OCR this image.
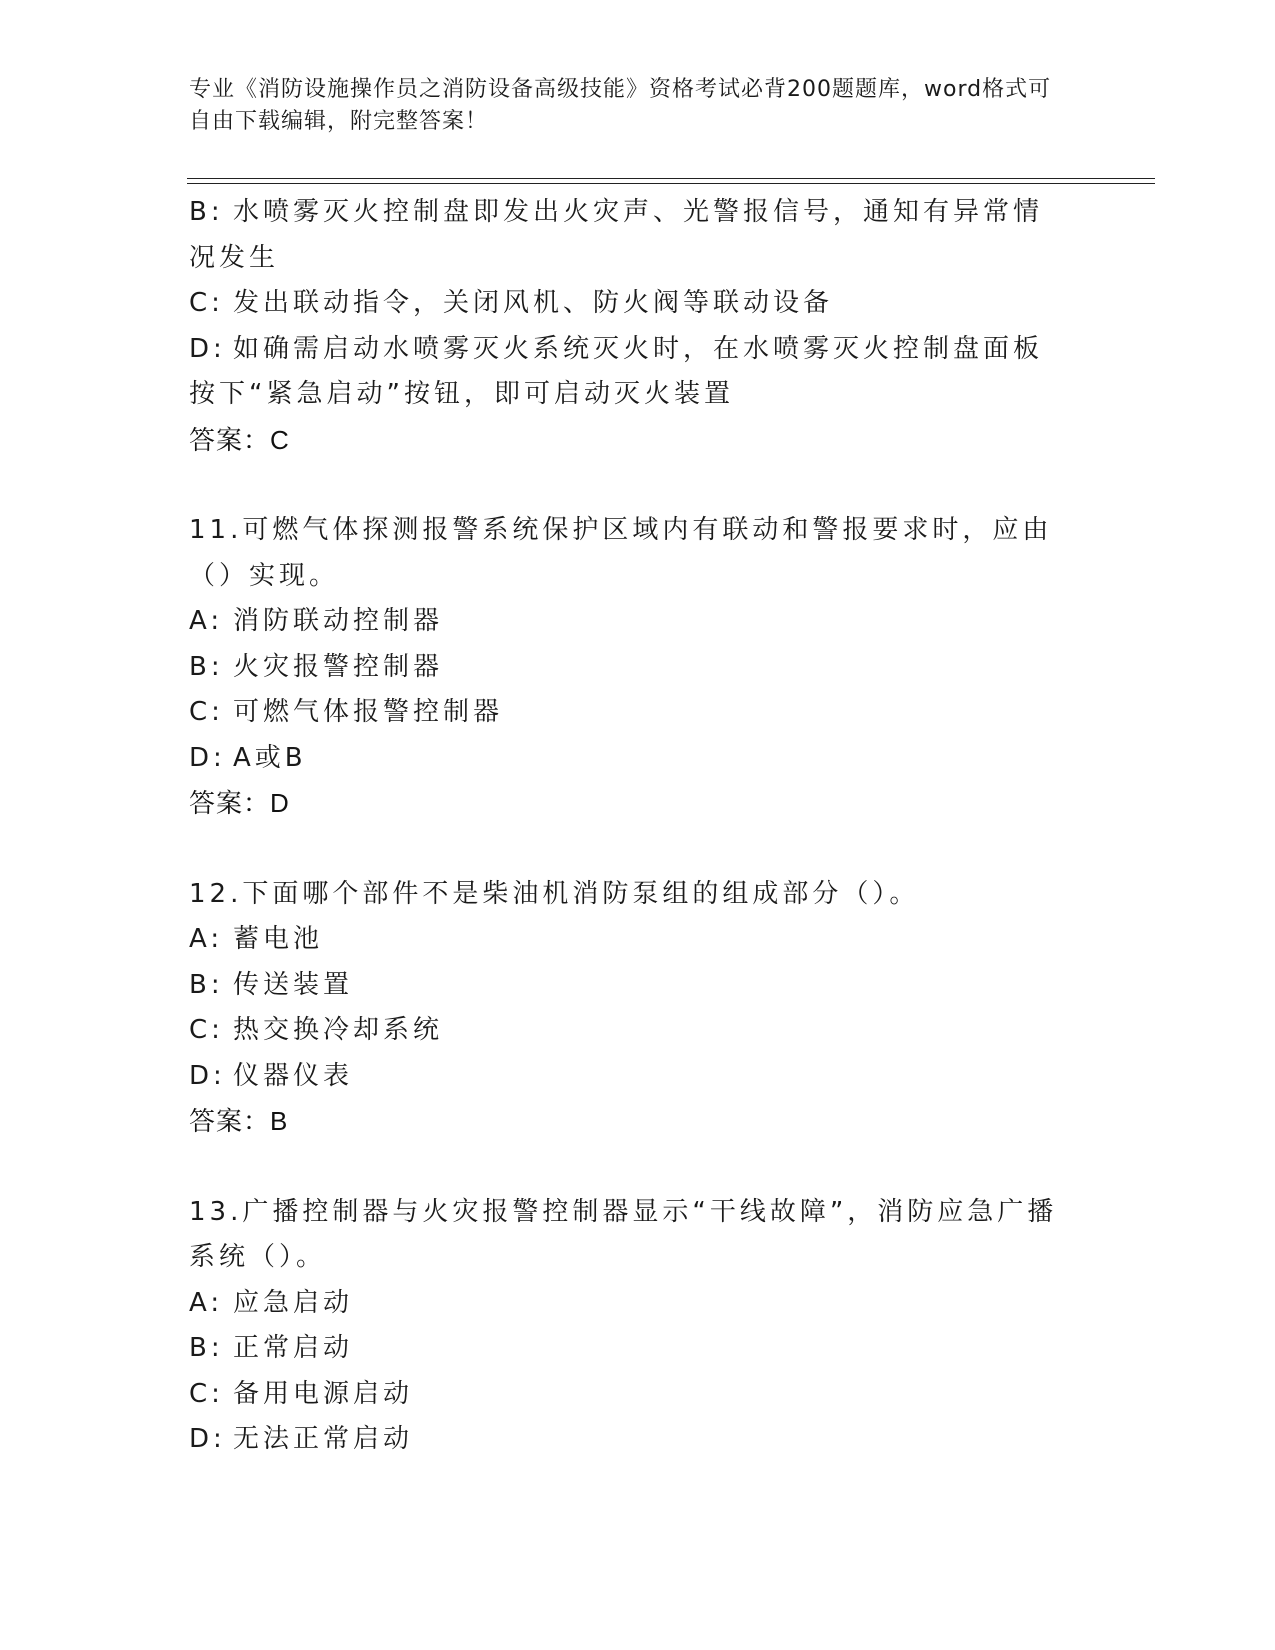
专业《消防设施操作员之消防设备高级技能》资格考试必背200题题库，word格式可自由下载编辑，附完整答案！

B: 水喷雾灭火控制盘即发出火灾声、光警报信号，通知有异常情况发生

C: 发出联动指令，关闭风机、防火阀等联动设备

D: 如确需启动水喷雾灭火系统灭火时，在水喷雾灭火控制盘面板按下“紧急启动”按钮，即可启动灭火装置

答案：C

11.可燃气体探测报警系统保护区域内有联动和警报要求时，应由（）实现。

A: 消防联动控制器

B: 火灾报警控制器

C: 可燃气体报警控制器

D: A或B

答案：D

12.下面哪个部件不是柴油机消防泵组的组成部分（）。

A: 蓄电池

B: 传送装置

C: 热交换冷却系统

D: 仪器仪表

答案：B

13.广播控制器与火灾报警控制器显示“干线故障”，消防应急广播系统（）。

A: 应急启动

B: 正常启动

C: 备用电源启动

D: 无法正常启动
